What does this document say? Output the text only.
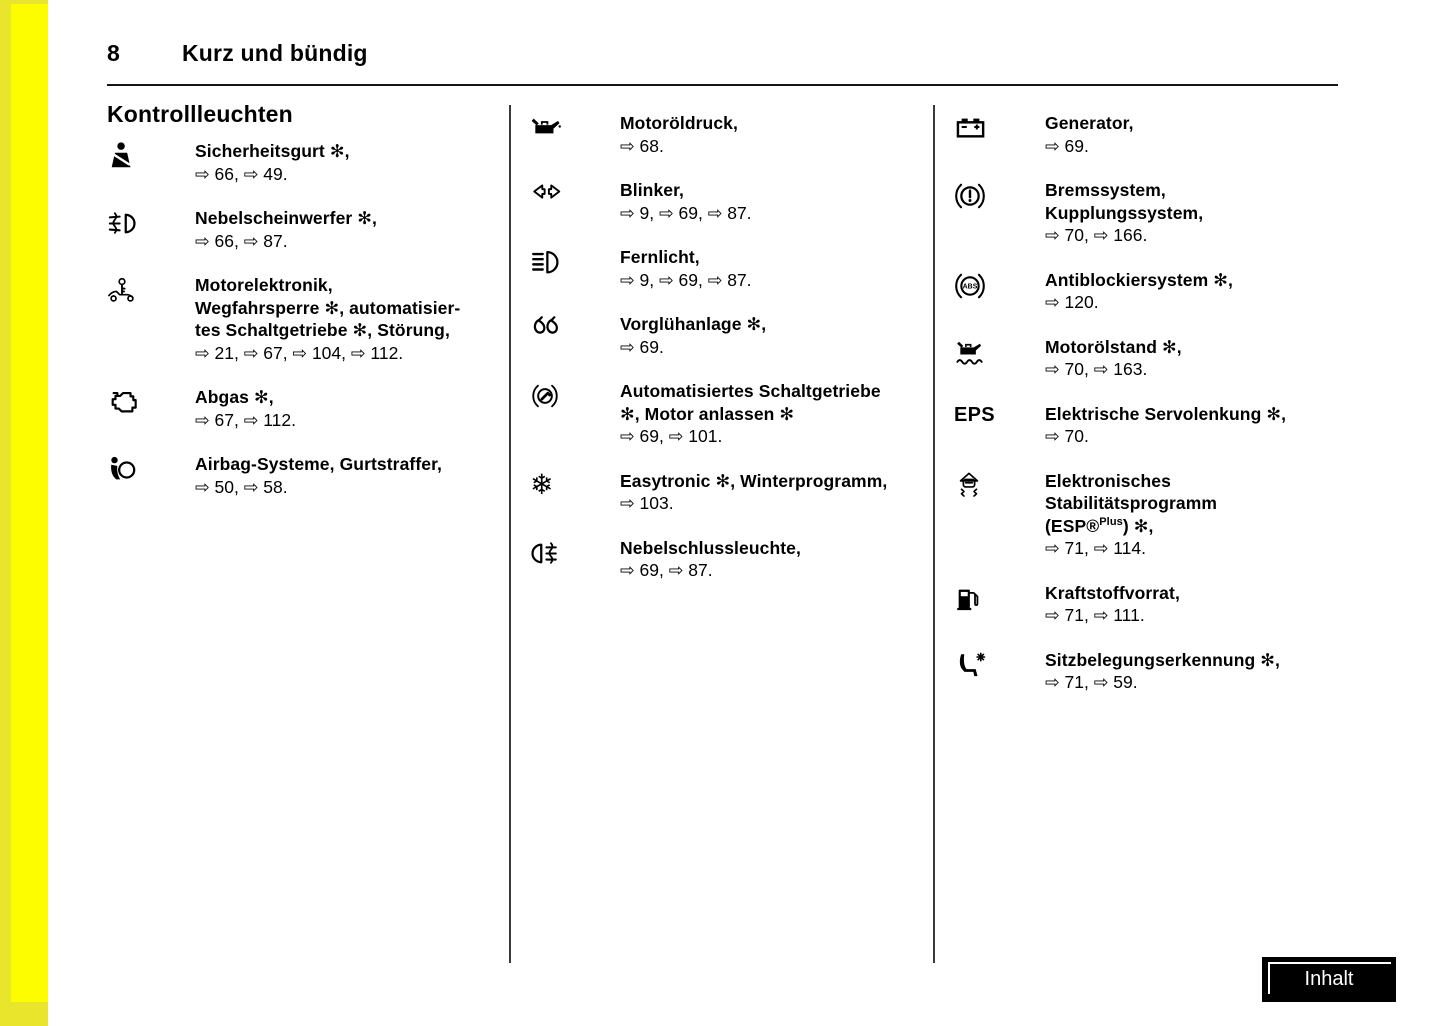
8	Kurz und bündig
Kontrollleuchten
Sicherheitsgurt ✻,
⇨ 66, ⇨ 49.
Nebelscheinwerfer ✻,
⇨ 66, ⇨ 87.
Motorelektronik,
Wegfahrsperre ✻, automatisier-
tes Schaltgetriebe ✻, Störung,
⇨ 21, ⇨ 67, ⇨ 104, ⇨ 112.
Abgas ✻,
⇨ 67, ⇨ 112.
Airbag-Systeme, Gurtstraffer,
⇨ 50, ⇨ 58.
Motoröldruck,
⇨ 68.
Blinker,
⇨ 9, ⇨ 69, ⇨ 87.
Fernlicht,
⇨ 9, ⇨ 69, ⇨ 87.
Vorglühanlage ✻,
⇨ 69.
Automatisiertes Schaltgetriebe
✻, Motor anlassen ✻
⇨ 69, ⇨ 101.
❄	Easytronic ✻, Winterprogramm,
⇨ 103.
Nebelschlussleuchte,
⇨ 69, ⇨ 87.
Generator,
⇨ 69.
Bremssystem,
Kupplungssystem,
⇨ 70, ⇨ 166.
ABS	Antiblockiersystem ✻,
⇨ 120.
Motorölstand ✻,
⇨ 70, ⇨ 163.
EPS	Elektrische Servolenkung ✻,
⇨ 70.
Elektronisches
Stabilitätsprogramm
(ESP®$^{Plus}$) ✻,
⇨ 71, ⇨ 114.
Kraftstoffvorrat,
⇨ 71, ⇨ 111.
Sitzbelegungserkennung ✻,
⇨ 71, ⇨ 59.
Inhalt
